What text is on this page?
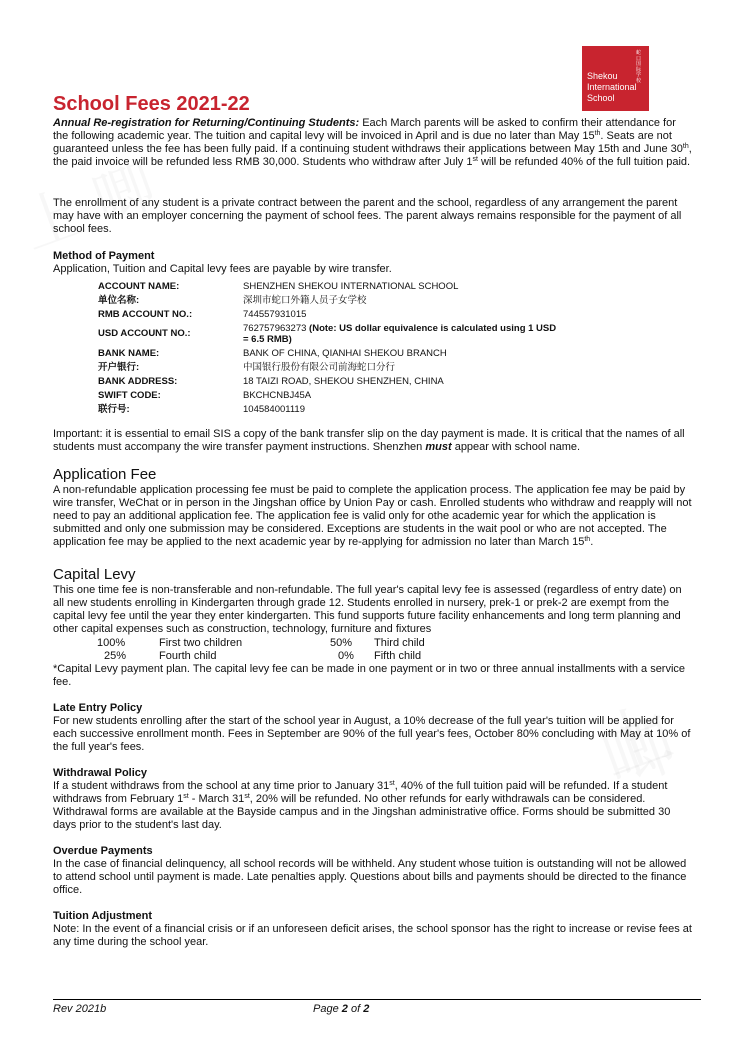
蛇口国际学校
Shekou
International
School
School Fees 2021-22

Annual Re-registration for Returning/Continuing Students: Each March parents will be asked to confirm their attendance for the following academic year. The tuition and capital levy will be invoiced in April and is due no later than May 15th. Seats are not guaranteed unless the fee has been fully paid. If a continuing student withdraws their applications between May 15th and June 30th, the paid invoice will be refunded less RMB 30,000. Students who withdraw after July 1st will be refunded 40% of the full tuition paid.

The enrollment of any student is a private contract between the parent and the school, regardless of any arrangement the parent may have with an employer concerning the payment of school fees. The parent always remains responsible for the payment of all school fees.

Method of Payment

Application, Tuition and Capital levy fees are payable by wire transfer.

ACCOUNT NAME:	SHENZHEN SHEKOU INTERNATIONAL SCHOOL
单位名称:	深圳市蛇口外籍人员子女学校
RMB ACCOUNT NO.:	744557931015
USD ACCOUNT NO.:	762757963273 (Note: US dollar equivalence is calculated using 1 USD = 6.5 RMB)
BANK NAME:	BANK OF CHINA, QIANHAI SHEKOU BRANCH
开户银行:	中国银行股份有限公司前海蛇口分行
BANK ADDRESS:	18 TAIZI ROAD, SHEKOU SHENZHEN, CHINA
SWIFT CODE:	BKCHCNBJ45A
联行号:	104584001119

Important: it is essential to email SIS a copy of the bank transfer slip on the day payment is made. It is critical that the names of all students must accompany the wire transfer payment instructions. Shenzhen must appear with school name.

Application Fee

A non-refundable application processing fee must be paid to complete the application process. The application fee may be paid by wire transfer, WeChat or in person in the Jingshan office by Union Pay or cash. Enrolled students who withdraw and reapply will not need to pay an additional application fee. The application fee is valid only for othe academic year for which the application is submitted and only one submission may be considered. Exceptions are students in the wait pool or who are not accepted. The application fee may be applied to the next academic year by re-applying for admission no later than March 15th.

Capital Levy

This one time fee is non-transferable and non-refundable. The full year's capital levy fee is assessed (regardless of entry date) on all new students enrolling in Kindergarten through grade 12. Students enrolled in nursery, prek-1 or prek-2 are exempt from the capital levy fee until the year they enter kindergarten. This fund supports future facility enhancements and long term planning and other capital expenses such as construction, technology, furniture and fixtures

100%	First two children	50%	Third child
25%	Fourth child	0%	Fifth child

*Capital Levy payment plan. The capital levy fee can be made in one payment or in two or three annual installments with a service fee.

Late Entry Policy

For new students enrolling after the start of the school year in August, a 10% decrease of the full year's tuition will be applied for each successive enrollment month. Fees in September are 90% of the full year's fees, October 80% concluding with May at 10% of the full year's fees.

Withdrawal Policy

If a student withdraws from the school at any time prior to January 31st, 40% of the full tuition paid will be refunded. If a student withdraws from February 1st - March 31st, 20% will be refunded. No other refunds for early withdrawals can be considered. Withdrawal forms are available at the Bayside campus and in the Jingshan administrative office. Forms should be submitted 30 days prior to the student's last day.

Overdue Payments

In the case of financial delinquency, all school records will be withheld. Any student whose tuition is outstanding will not be allowed to attend school until payment is made. Late penalties apply. Questions about bills and payments should be directed to the finance office.

Tuition Adjustment

Note: In the event of a financial crisis or if an unforeseen deficit arises, the school sponsor has the right to increase or revise fees at any time during the school year.

Rev 2021b	Page 2 of 2
